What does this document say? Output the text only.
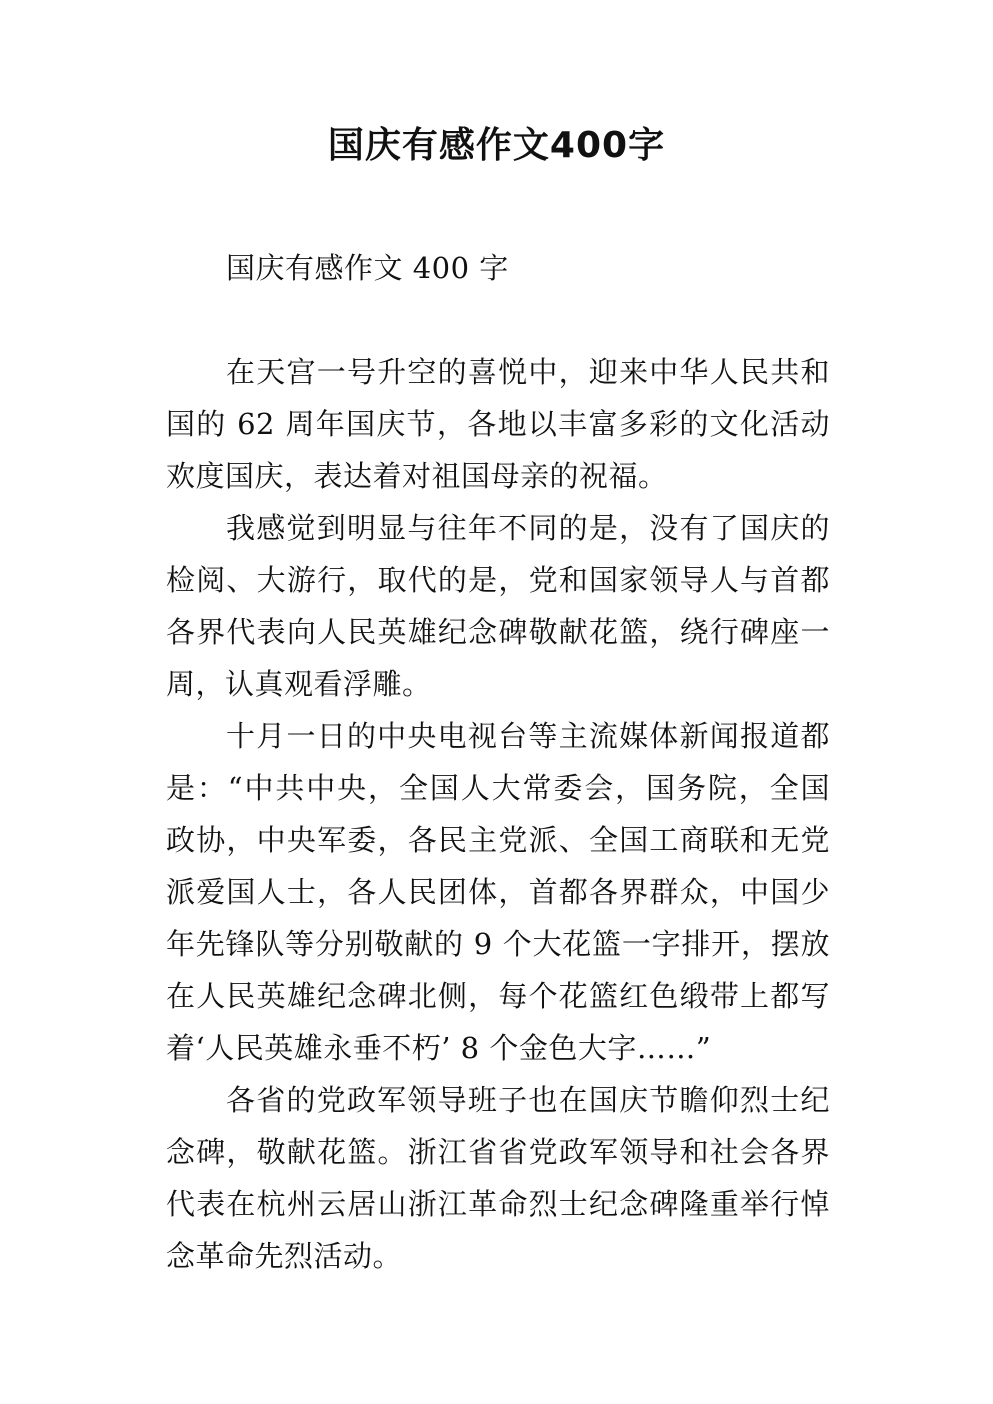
国庆有感作文400字

国庆有感作文 400 字

在天宫一号升空的喜悦中，迎来中华人民共和国的 62 周年国庆节，各地以丰富多彩的文化活动欢度国庆，表达着对祖国母亲的祝福。

我感觉到明显与往年不同的是，没有了国庆的检阅、大游行，取代的是，党和国家领导人与首都各界代表向人民英雄纪念碑敬献花篮，绕行碑座一周，认真观看浮雕。

十月一日的中央电视台等主流媒体新闻报道都是：“中共中央，全国人大常委会，国务院，全国政协，中央军委，各民主党派、全国工商联和无党派爱国人士，各人民团体，首都各界群众，中国少年先锋队等分别敬献的 9 个大花篮一字排开，摆放在人民英雄纪念碑北侧，每个花篮红色缎带上都写着‘人民英雄永垂不朽’ 8 个金色大字……”

各省的党政军领导班子也在国庆节瞻仰烈士纪念碑，敬献花篮。浙江省省党政军领导和社会各界代表在杭州云居山浙江革命烈士纪念碑隆重举行悼念革命先烈活动。
